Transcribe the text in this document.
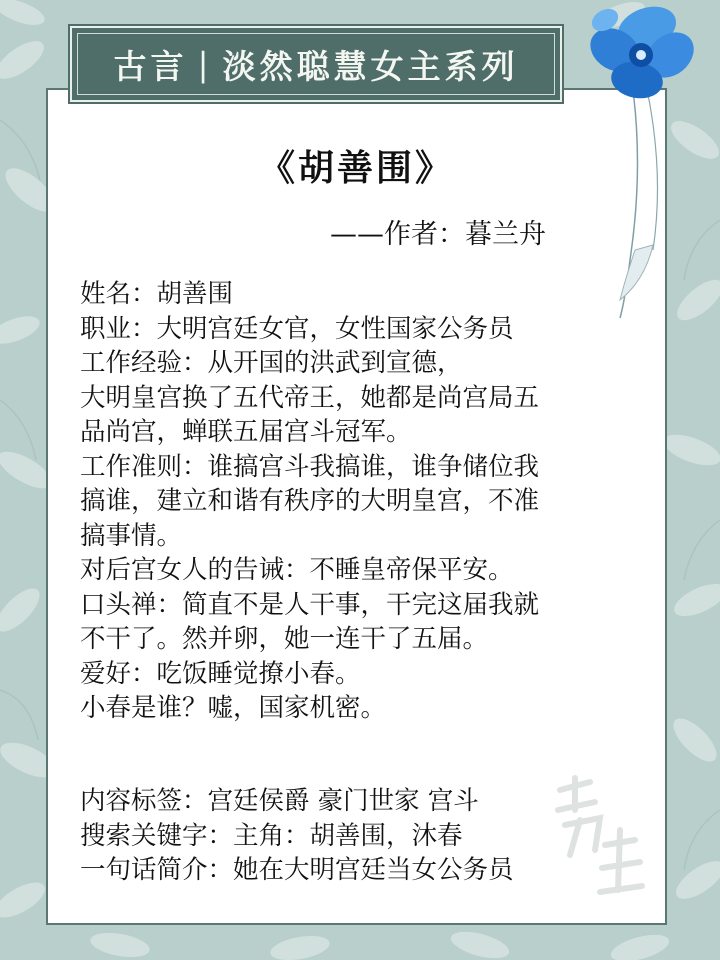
古言 | 淡然聪慧女主系列
《胡善围》
——作者：暮兰舟
姓名：胡善围
职业：大明宫廷女官，女性国家公务员
工作经验：从开国的洪武到宣德，
大明皇宫换了五代帝王，她都是尚宫局五
品尚宫，蝉联五届宫斗冠军。
工作准则：谁搞宫斗我搞谁，谁争储位我
搞谁，建立和谐有秩序的大明皇宫，不准
搞事情。
对后宫女人的告诫：不睡皇帝保平安。
口头禅：简直不是人干事，干完这届我就
不干了。然并卵，她一连干了五届。
爱好：吃饭睡觉撩小春。
小春是谁？嘘，国家机密。
内容标签：宫廷侯爵 豪门世家 宫斗
搜索关键字：主角：胡善围，沐春
一句话简介：她在大明宫廷当女公务员
